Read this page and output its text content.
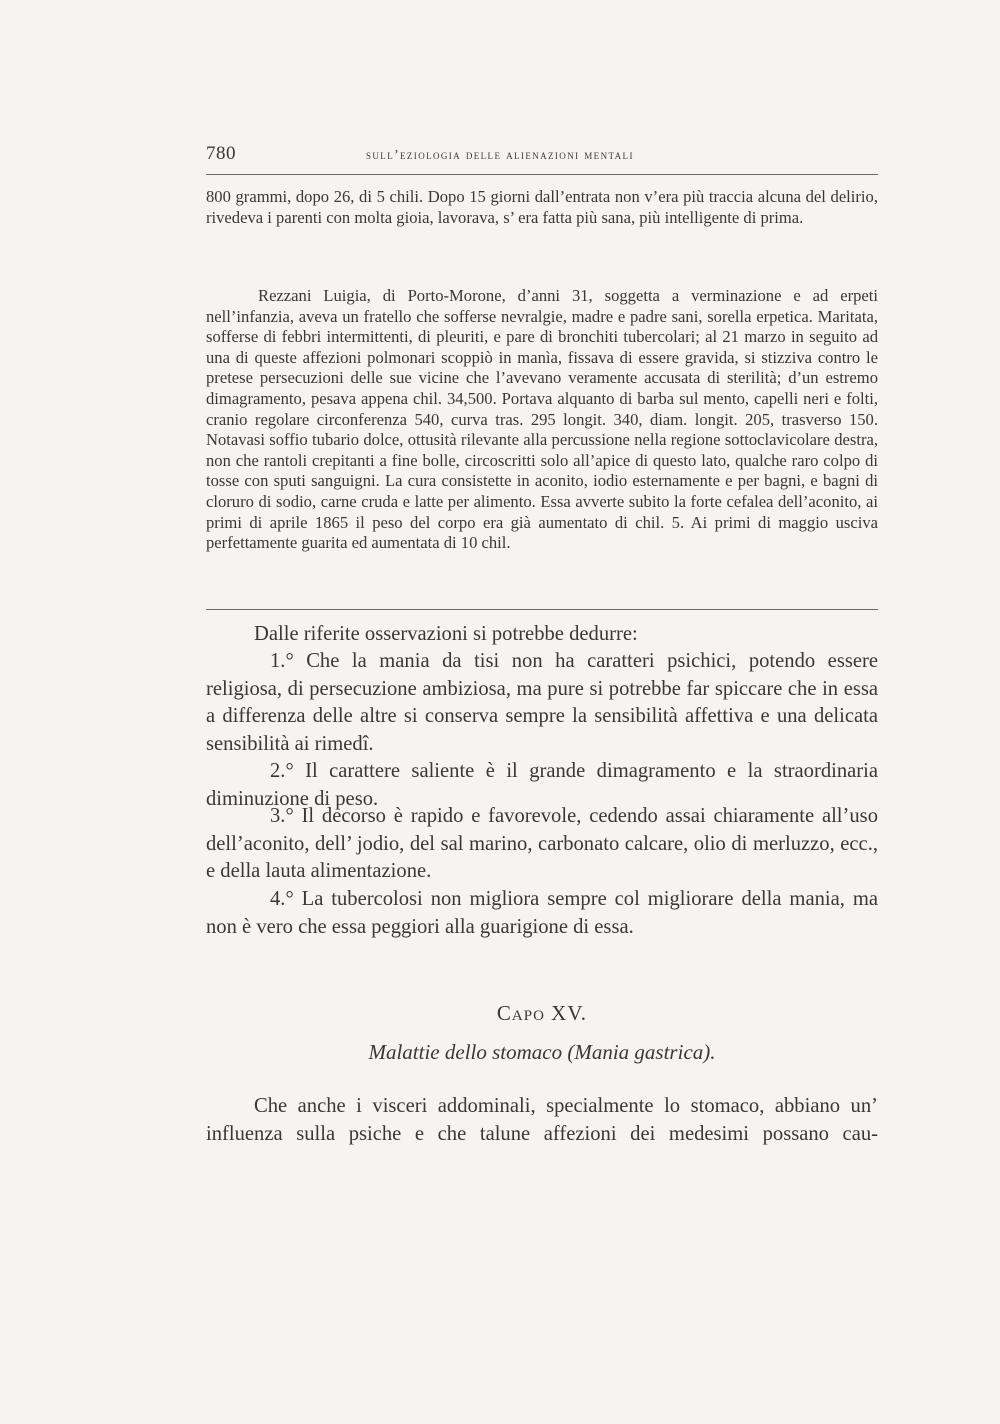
780	sull’eziologia delle alienazioni mentali

800 grammi, dopo 26, di 5 chili. Dopo 15 giorni dall’entrata non v’era più traccia alcuna del delirio, rivedeva i parenti con molta gioia, lavorava, s’ era fatta più sana, più intelligente di prima.

Rezzani Luigia, di Porto-Morone, d’anni 31, soggetta a verminazione e ad erpeti nell’infanzia, aveva un fratello che sofferse nevralgie, madre e padre sani, sorella erpetica. Maritata, sofferse di febbri intermittenti, di pleuriti, e pare di bronchiti tubercolari; al 21 marzo in seguito ad una di queste affezioni polmonari scoppiò in manìa, fissava di essere gravida, si stizziva contro le pretese persecuzioni delle sue vicine che l’avevano veramente accusata di sterilità; d’un estremo dimagramento, pesava appena chil. 34,500. Portava alquanto di barba sul mento, capelli neri e folti, cranio regolare circonferenza 540, curva tras. 295 longit. 340, diam. longit. 205, trasverso 150. Notavasi soffio tubario dolce, ottusità rilevante alla percussione nella regione sottoclavicolare destra, non che rantoli crepitanti a fine bolle, circoscritti solo all’apice di questo lato, qualche raro colpo di tosse con sputi sanguigni. La cura consistette in aconito, iodio esternamente e per bagni, e bagni di cloruro di sodio, carne cruda e latte per alimento. Essa avverte subito la forte cefalea dell’aconito, ai primi di aprile 1865 il peso del corpo era già aumentato di chil. 5. Ai primi di maggio usciva perfettamente guarita ed aumentata di 10 chil.

Dalle riferite osservazioni si potrebbe dedurre:

1.° Che la mania da tisi non ha caratteri psichici, potendo essere religiosa, di persecuzione ambiziosa, ma pure si potrebbe far spiccare che in essa a differenza delle altre si conserva sempre la sensibilità affettiva e una delicata sensibilità ai rimedî.

2.° Il carattere saliente è il grande dimagramento e la straordinaria diminuzione di peso.

3.° Il decorso è rapido e favorevole, cedendo assai chiaramente all’uso dell’aconito, dell’ jodio, del sal marino, carbonato calcare, olio di merluzzo, ecc., e della lauta alimentazione.

4.° La tubercolosi non migliora sempre col migliorare della mania, ma non è vero che essa peggiori alla guarigione di essa.

Capo XV.
Malattie dello stomaco (Mania gastrica).

Che anche i visceri addominali, specialmente lo stomaco, abbiano un’ influenza sulla psiche e che talune affezioni dei medesimi possano cau-
